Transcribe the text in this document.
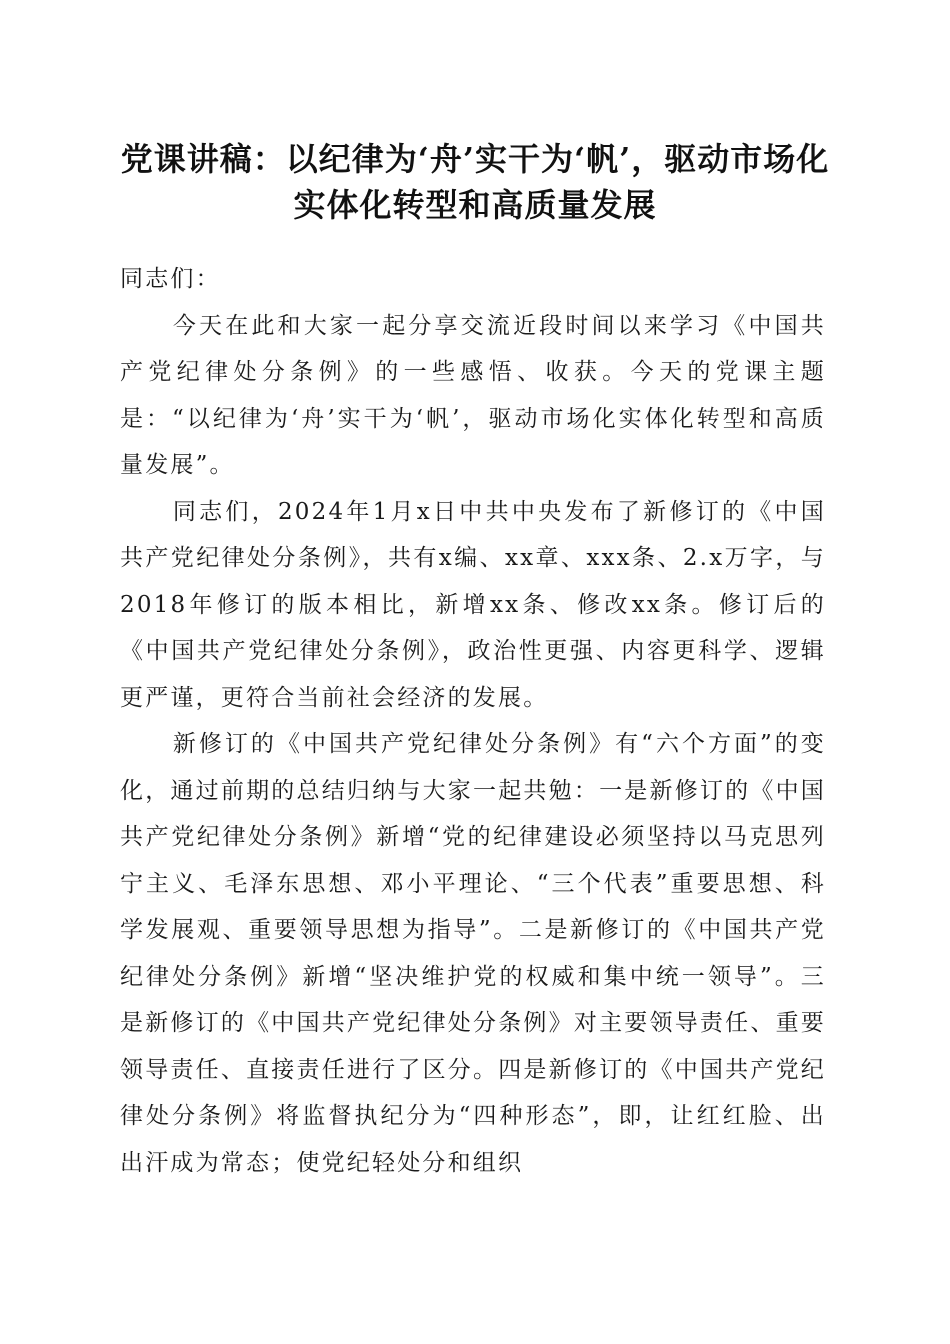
党课讲稿：以纪律为‘舟’实干为‘帆’，驱动市场化实体化转型和高质量发展

同志们：

今天在此和大家一起分享交流近段时间以来学习《中国共产党纪律处分条例》的一些感悟、收获。今天的党课主题是：“以纪律为‘舟’实干为‘帆’，驱动市场化实体化转型和高质量发展”。

同志们，2024年1月x日中共中央发布了新修订的《中国共产党纪律处分条例》，共有x编、xx章、xxx条、2.x万字，与2018年修订的版本相比，新增xx条、修改xx条。修订后的《中国共产党纪律处分条例》，政治性更强、内容更科学、逻辑更严谨，更符合当前社会经济的发展。

新修订的《中国共产党纪律处分条例》有“六个方面”的变化，通过前期的总结归纳与大家一起共勉：一是新修订的《中国共产党纪律处分条例》新增“党的纪律建设必须坚持以马克思列宁主义、毛泽东思想、邓小平理论、“三个代表”重要思想、科学发展观、重要领导思想为指导”。二是新修订的《中国共产党纪律处分条例》新增“坚决维护党的权威和集中统一领导”。三是新修订的《中国共产党纪律处分条例》对主要领导责任、重要领导责任、直接责任进行了区分。四是新修订的《中国共产党纪律处分条例》将监督执纪分为“四种形态”，即，让红红脸、出出汗成为常态；使党纪轻处分和组织
